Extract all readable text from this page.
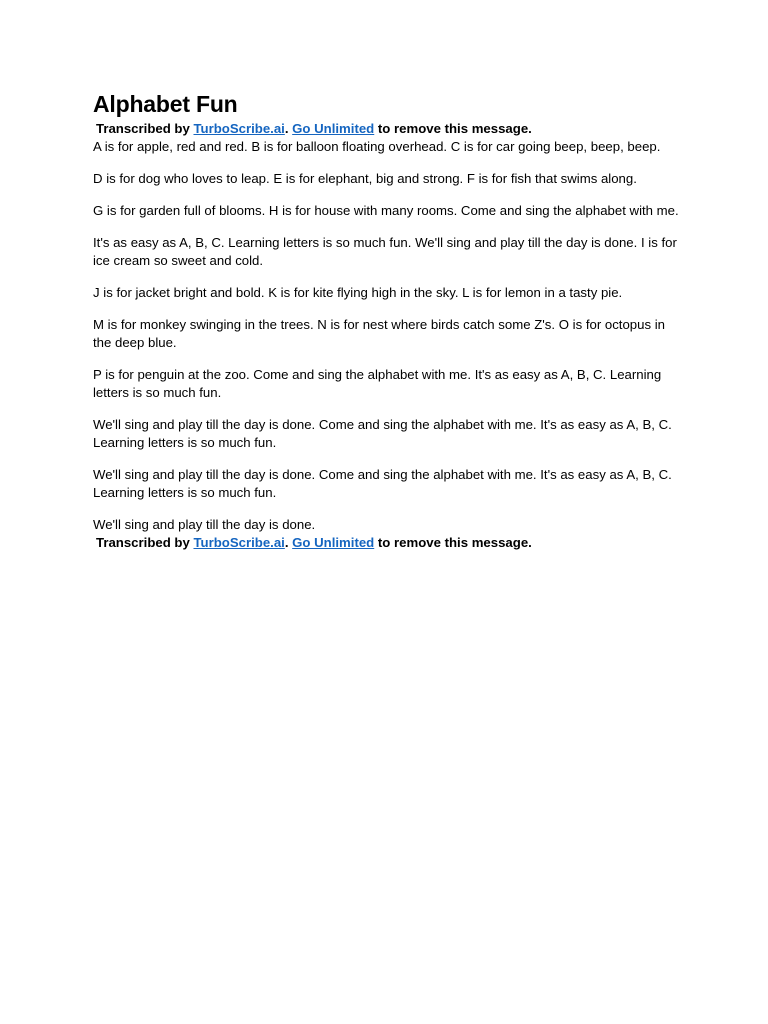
Alphabet Fun

Transcribed by TurboScribe.ai. Go Unlimited to remove this message.

A is for apple, red and red. B is for balloon floating overhead. C is for car going beep, beep, beep.

D is for dog who loves to leap. E is for elephant, big and strong. F is for fish that swims along.

G is for garden full of blooms. H is for house with many rooms. Come and sing the alphabet with me.

It's as easy as A, B, C. Learning letters is so much fun. We'll sing and play till the day is done. I is for ice cream so sweet and cold.

J is for jacket bright and bold. K is for kite flying high in the sky. L is for lemon in a tasty pie.

M is for monkey swinging in the trees. N is for nest where birds catch some Z's. O is for octopus in the deep blue.

P is for penguin at the zoo. Come and sing the alphabet with me. It's as easy as A, B, C. Learning letters is so much fun.

We'll sing and play till the day is done. Come and sing the alphabet with me. It's as easy as A, B, C. Learning letters is so much fun.

We'll sing and play till the day is done. Come and sing the alphabet with me. It's as easy as A, B, C. Learning letters is so much fun.

We'll sing and play till the day is done.

Transcribed by TurboScribe.ai. Go Unlimited to remove this message.
